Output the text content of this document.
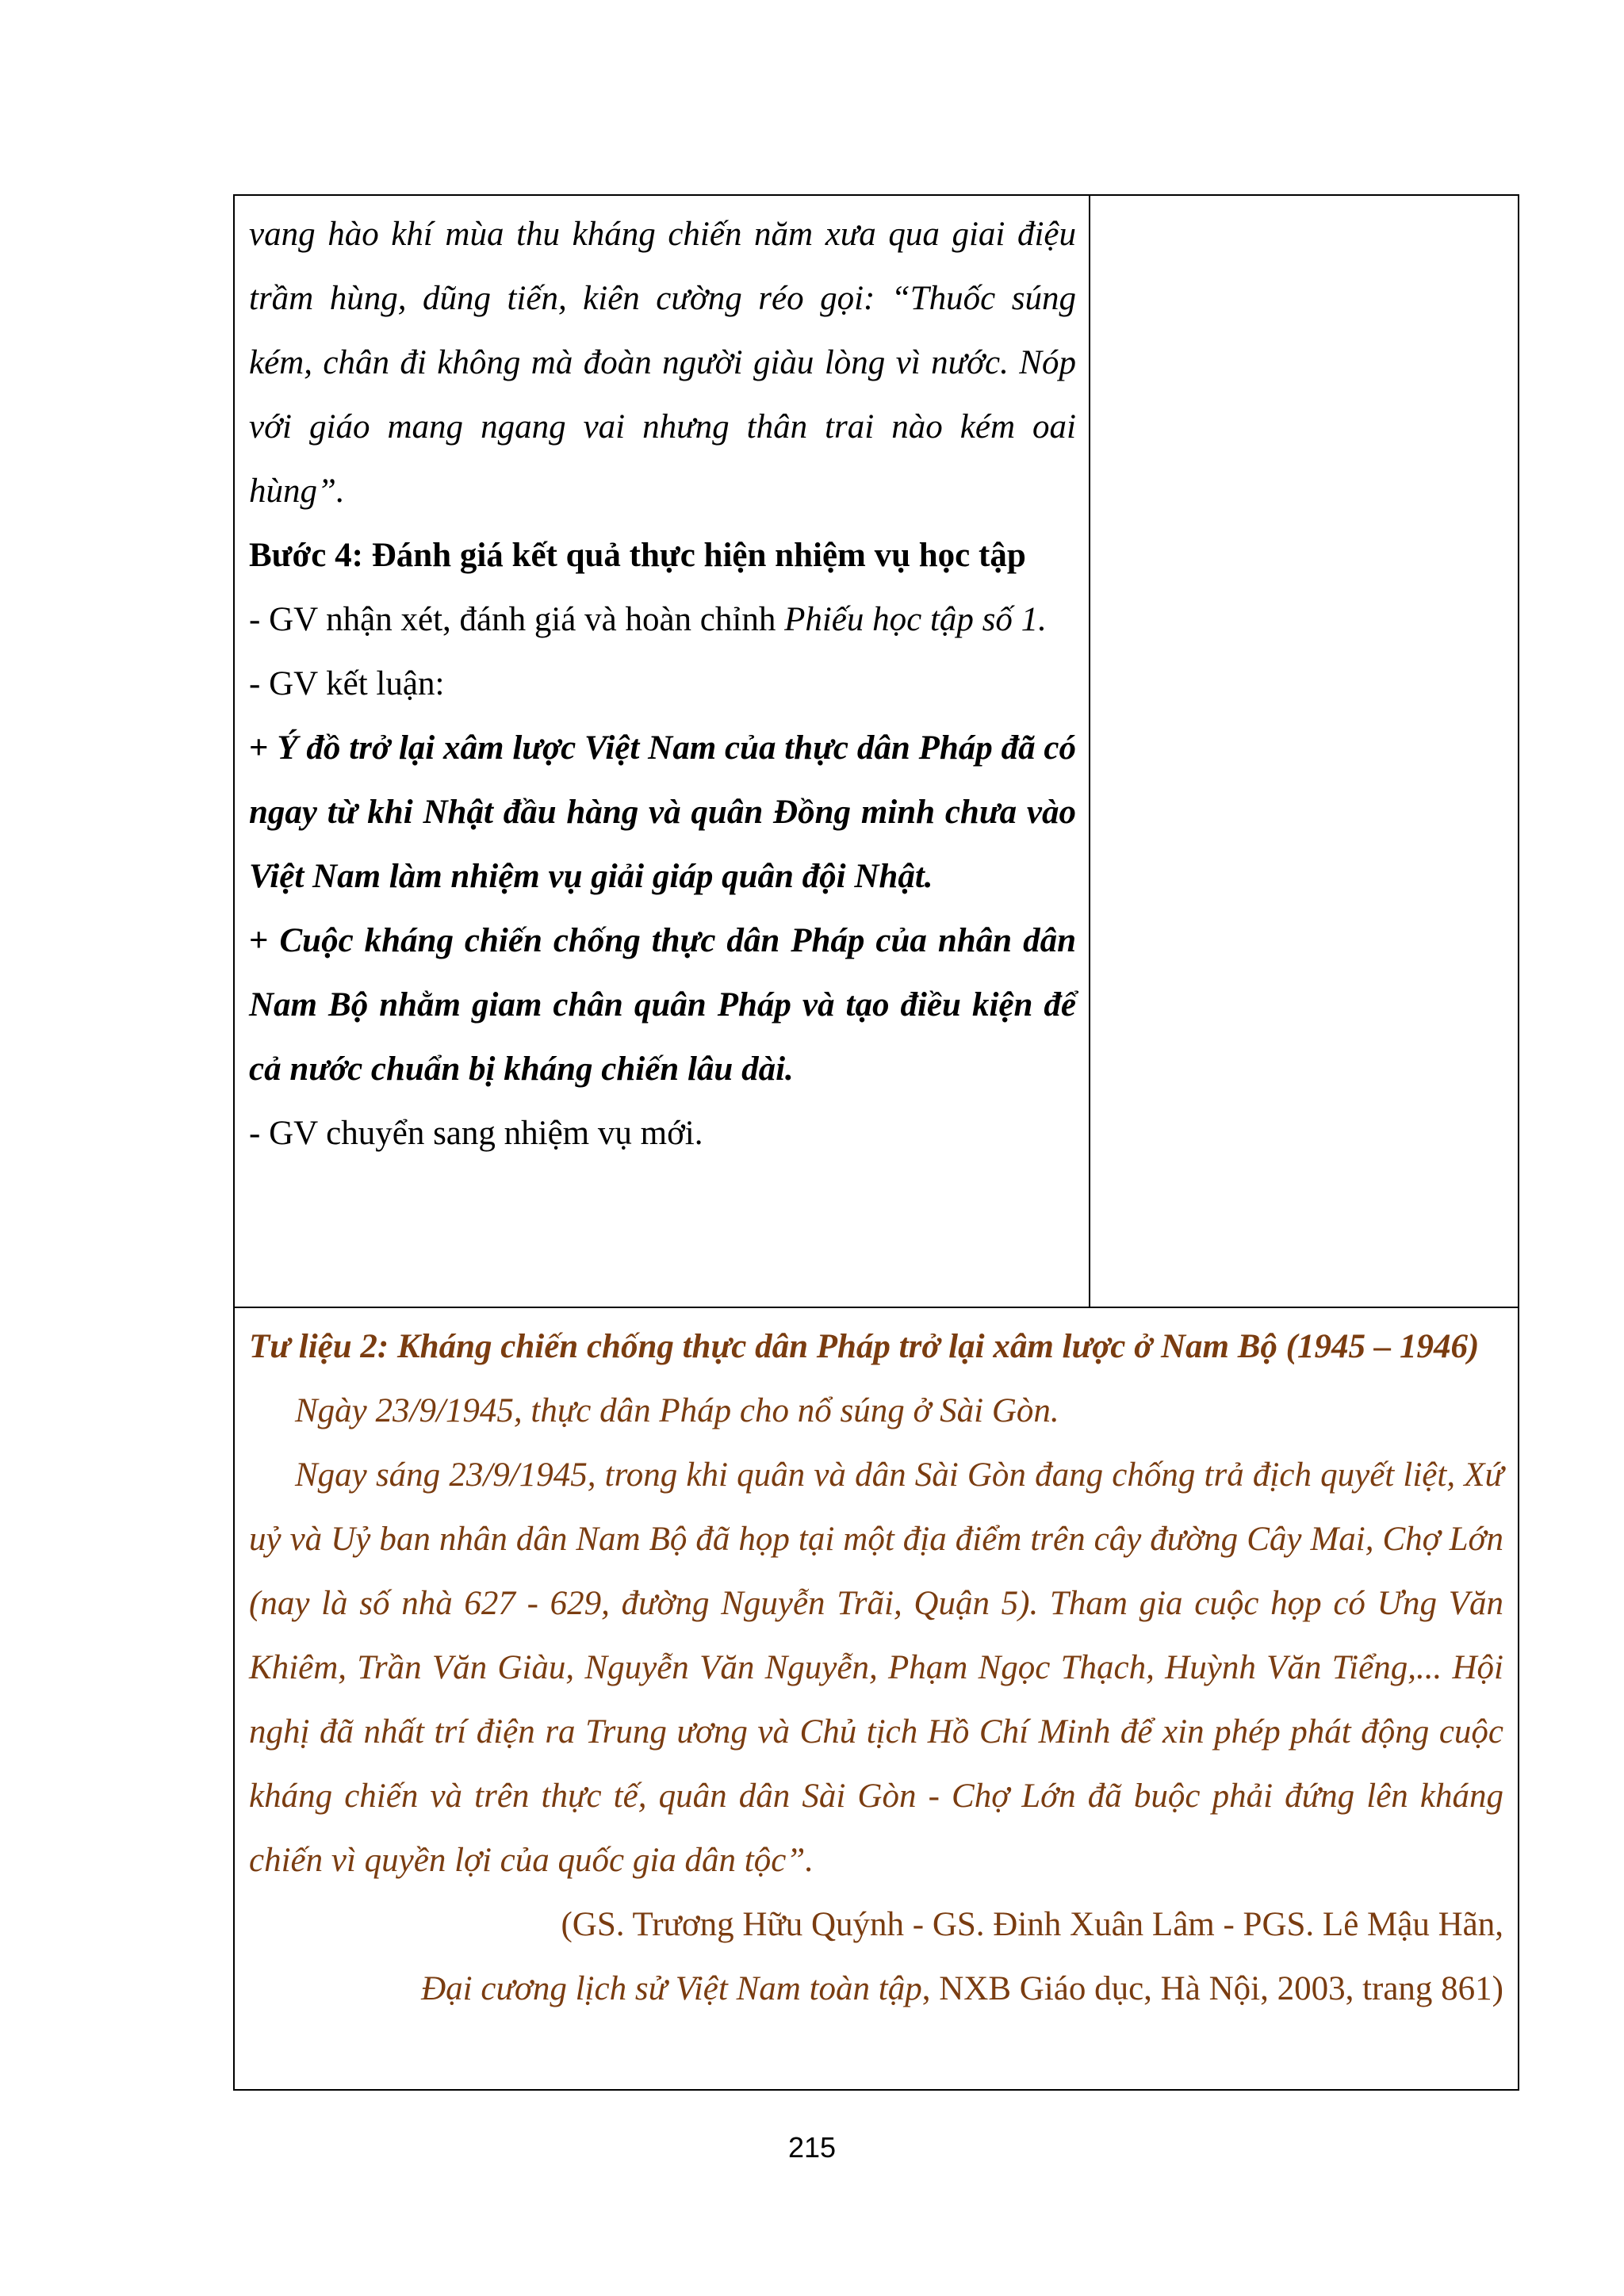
vang hào khí mùa thu kháng chiến năm xưa qua giai điệu trầm hùng, dũng tiến, kiên cường réo gọi: “Thuốc súng kém, chân đi không mà đoàn người giàu lòng vì nước. Nóp với giáo mang ngang vai nhưng thân trai nào kém oai hùng”.

Bước 4: Đánh giá kết quả thực hiện nhiệm vụ học tập

- GV nhận xét, đánh giá và hoàn chỉnh Phiếu học tập số 1.

- GV kết luận:

+ Ý đồ trở lại xâm lược Việt Nam của thực dân Pháp đã có ngay từ khi Nhật đầu hàng và quân Đồng minh chưa vào Việt Nam làm nhiệm vụ giải giáp quân đội Nhật.

+ Cuộc kháng chiến chống thực dân Pháp của nhân dân Nam Bộ nhằm giam chân quân Pháp và tạo điều kiện để cả nước chuẩn bị kháng chiến lâu dài.

- GV chuyển sang nhiệm vụ mới.

Tư liệu 2: Kháng chiến chống thực dân Pháp trở lại xâm lược ở Nam Bộ (1945 – 1946)

Ngày 23/9/1945, thực dân Pháp cho nổ súng ở Sài Gòn.

Ngay sáng 23/9/1945, trong khi quân và dân Sài Gòn đang chống trả địch quyết liệt, Xứ uỷ và Uỷ ban nhân dân Nam Bộ đã họp tại một địa điểm trên cây đường Cây Mai, Chợ Lớn (nay là số nhà 627 - 629, đường Nguyễn Trãi, Quận 5). Tham gia cuộc họp có Ưng Văn Khiêm, Trần Văn Giàu, Nguyễn Văn Nguyễn, Phạm Ngọc Thạch, Huỳnh Văn Tiểng,... Hội nghị đã nhất trí điện ra Trung ương và Chủ tịch Hồ Chí Minh để xin phép phát động cuộc kháng chiến và trên thực tế, quân dân Sài Gòn - Chợ Lớn đã buộc phải đứng lên kháng chiến vì quyền lợi của quốc gia dân tộc”.

(GS. Trương Hữu Quýnh - GS. Đinh Xuân Lâm - PGS. Lê Mậu Hãn,

Đại cương lịch sử Việt Nam toàn tập, NXB Giáo dục, Hà Nội, 2003, trang 861)

215
